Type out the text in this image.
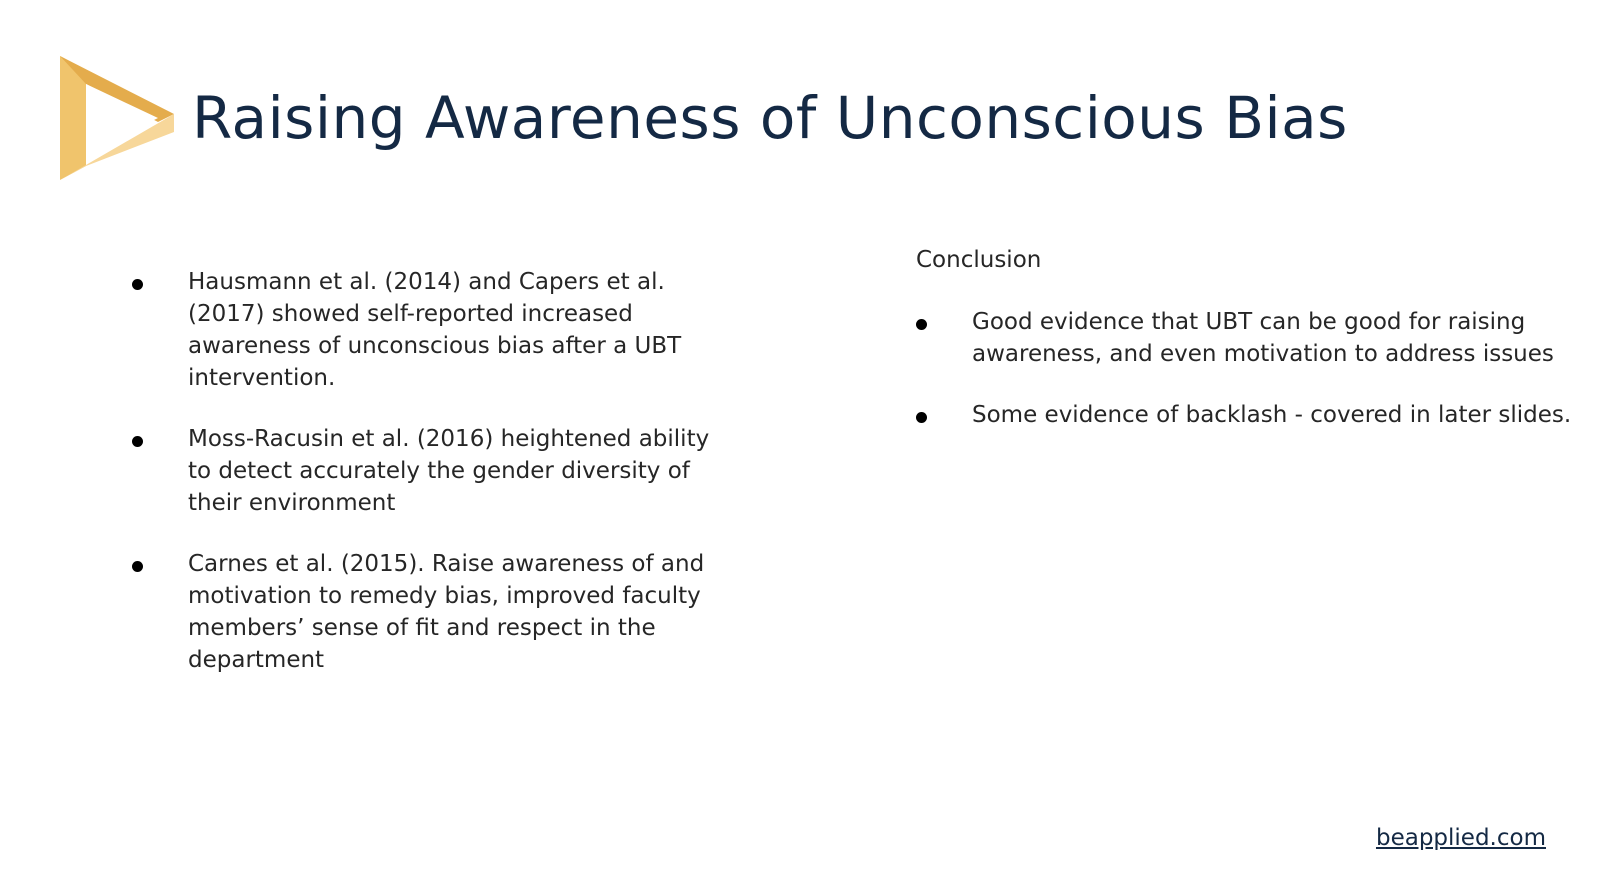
Raising Awareness of Unconscious Bias
Hausmann et al. (2014) and Capers et al. (2017) showed self-reported increased awareness of unconscious bias after a UBT intervention.
Moss-Racusin et al. (2016) heightened ability to detect accurately the gender diversity of their environment
Carnes et al. (2015). Raise awareness of and motivation to remedy bias, improved faculty members’ sense of fit and respect in the department
Conclusion
Good evidence that UBT can be good for raising awareness, and even motivation to address issues
Some evidence of backlash - covered in later slides.
beapplied.com
